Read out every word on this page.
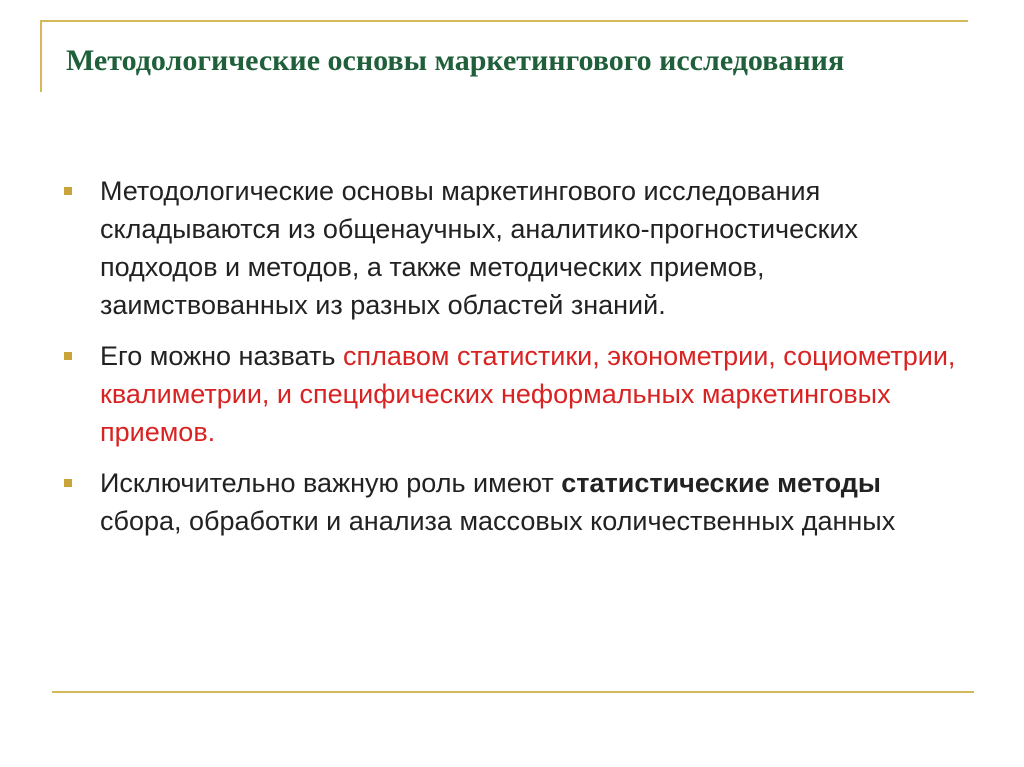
Методологические основы маркетингового исследования
Методологические основы маркетингового исследования складываются из общенаучных, аналитико-прогностических подходов и методов, а также методических приемов, заимствованных из разных областей знаний.
Его можно назвать сплавом статистики, эконометрии, социометрии, квалиметрии, и специфических неформальных маркетинговых приемов.
Исключительно важную роль имеют статистические методы сбора, обработки и анализа массовых количественных данных
